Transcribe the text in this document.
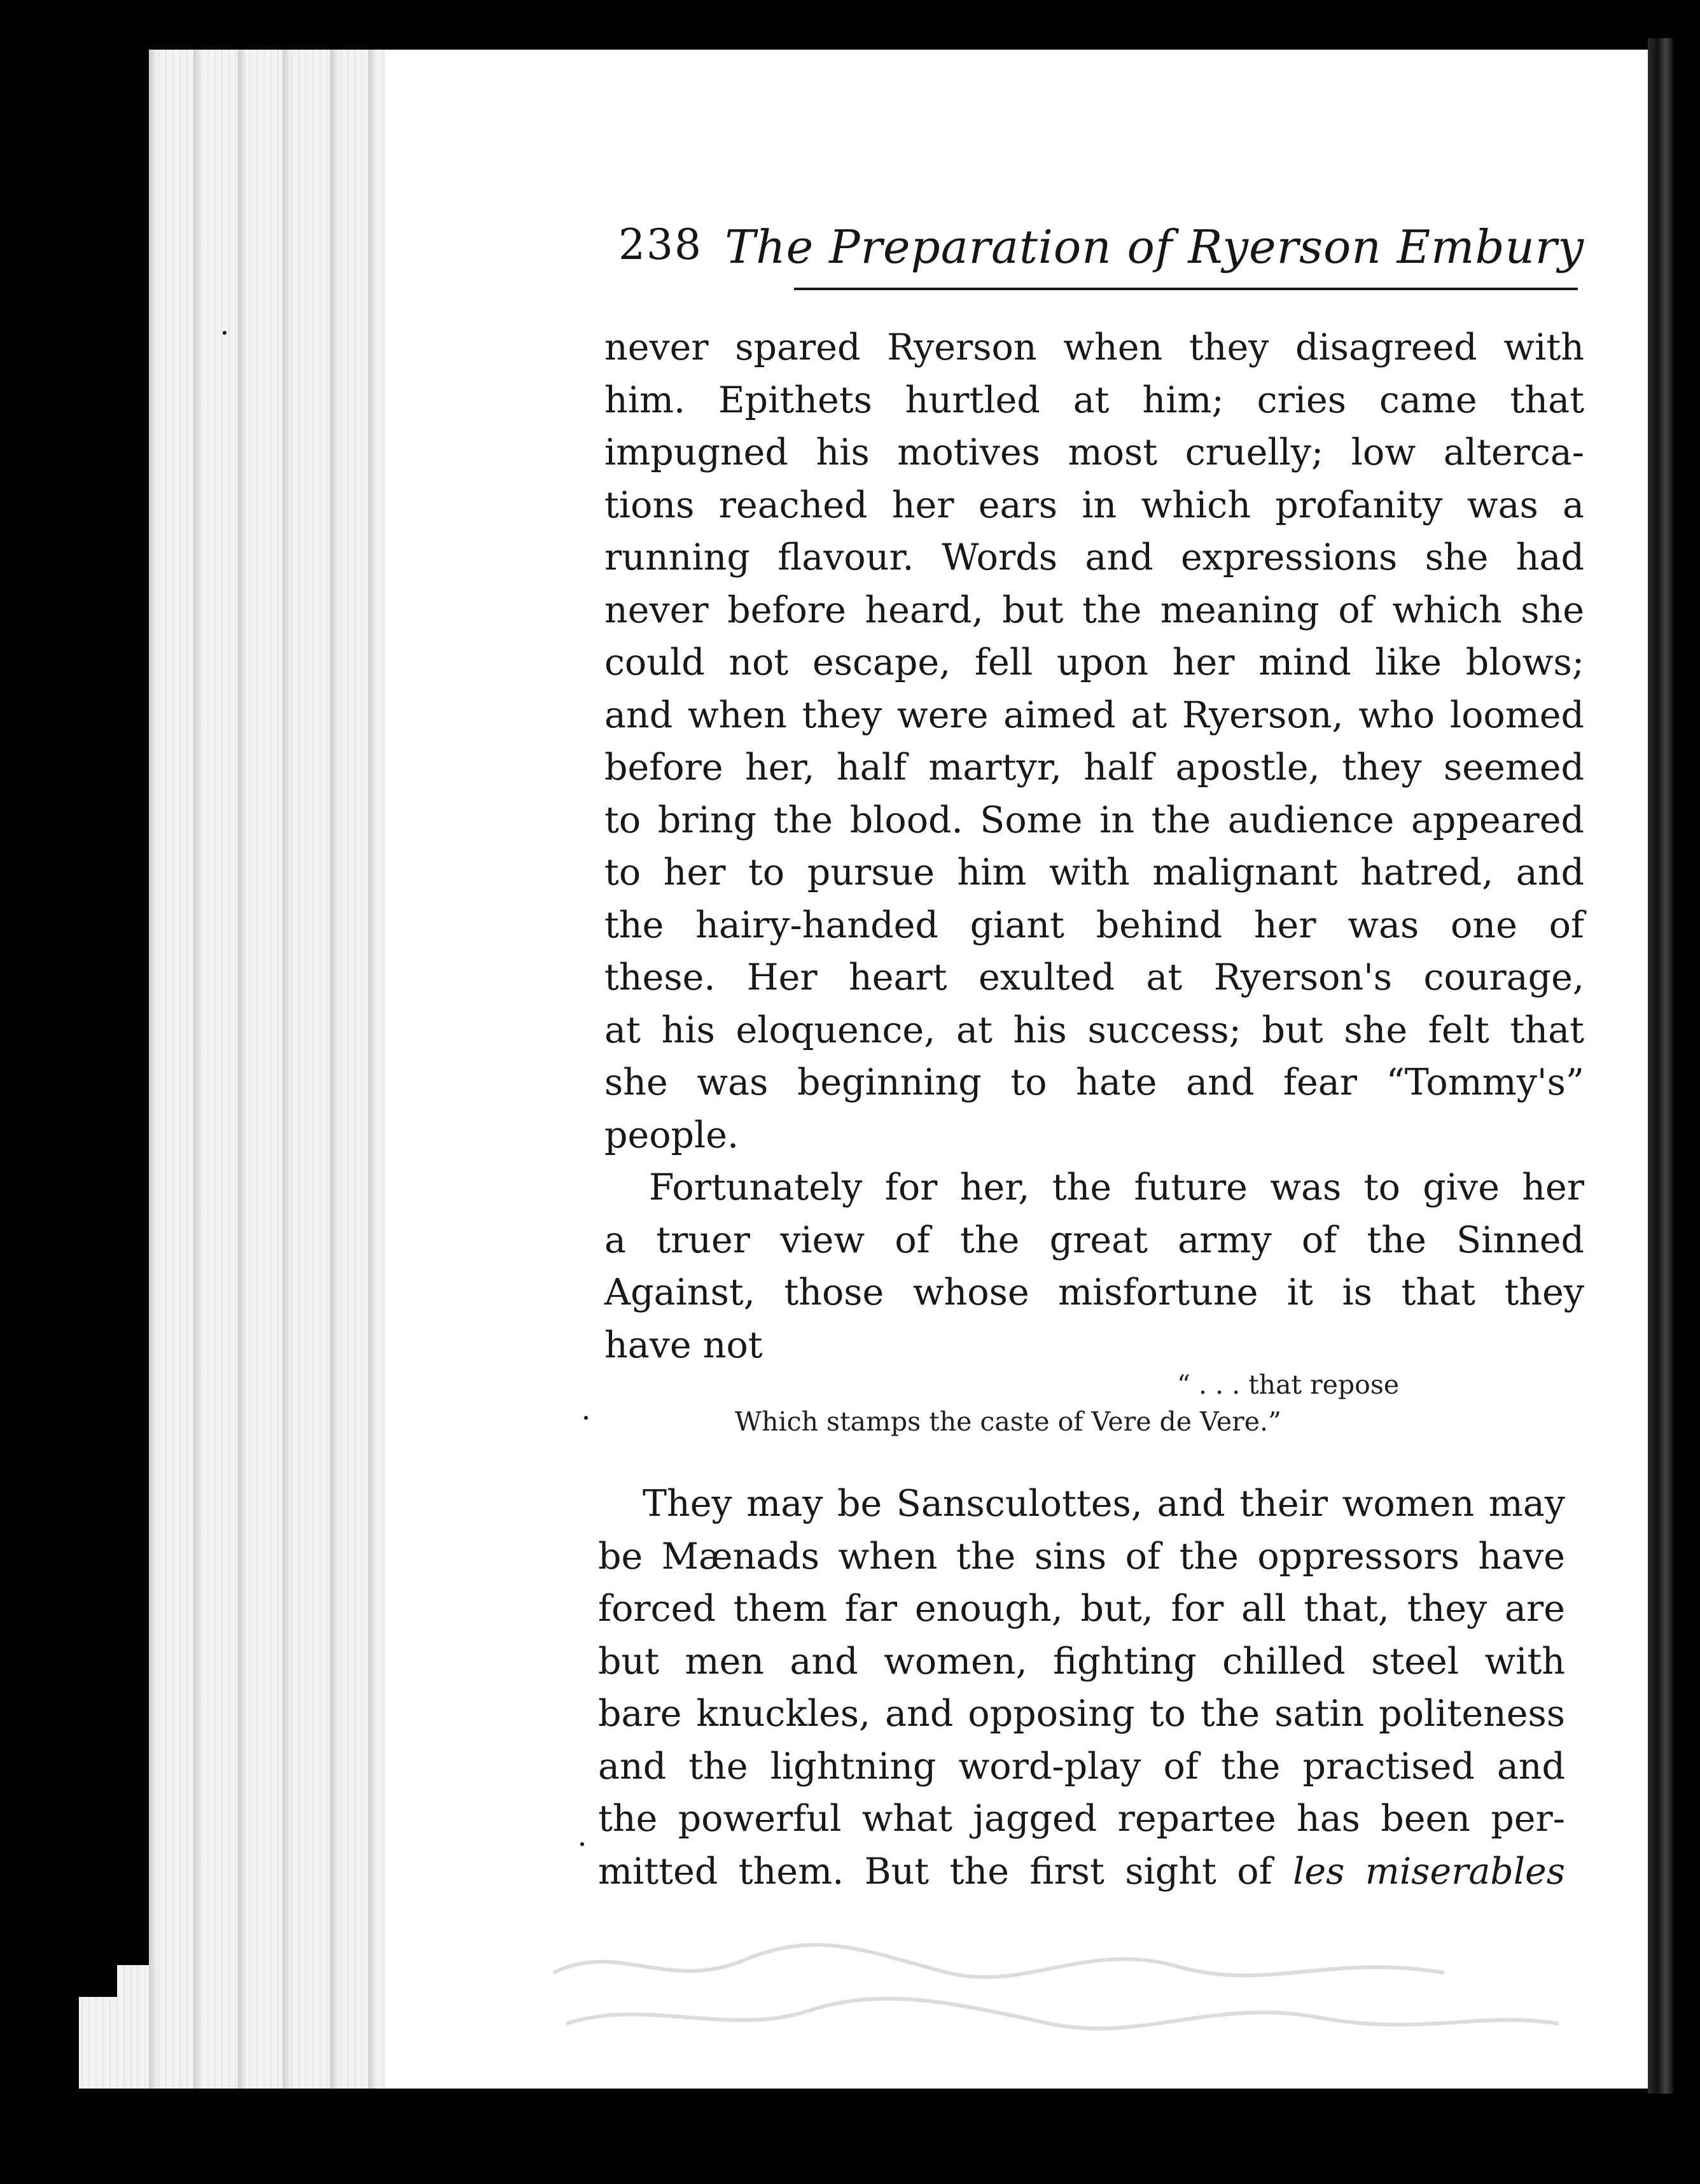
238 The Preparation of Ryerson Embury
never spared Ryerson when they disagreed with
him. Epithets hurtled at him; cries came that
impugned his motives most cruelly; low alterca-
tions reached her ears in which profanity was a
running flavour. Words and expressions she had
never before heard, but the meaning of which she
could not escape, fell upon her mind like blows;
and when they were aimed at Ryerson, who loomed
before her, half martyr, half apostle, they seemed
to bring the blood. Some in the audience appeared
to her to pursue him with malignant hatred, and
the hairy-handed giant behind her was one of
these. Her heart exulted at Ryerson's courage,
at his eloquence, at his success; but she felt that
she was beginning to hate and fear “Tommy's”
people.
Fortunately for her, the future was to give her
a truer view of the great army of the Sinned
Against, those whose misfortune it is that they
have not
“ . . . that repose
Which stamps the caste of Vere de Vere.”
They may be Sansculottes, and their women may
be Mænads when the sins of the oppressors have
forced them far enough, but, for all that, they are
but men and women, fighting chilled steel with
bare knuckles, and opposing to the satin politeness
and the lightning word-play of the practised and
the powerful what jagged repartee has been per-
mitted them. But the first sight of les miserables
